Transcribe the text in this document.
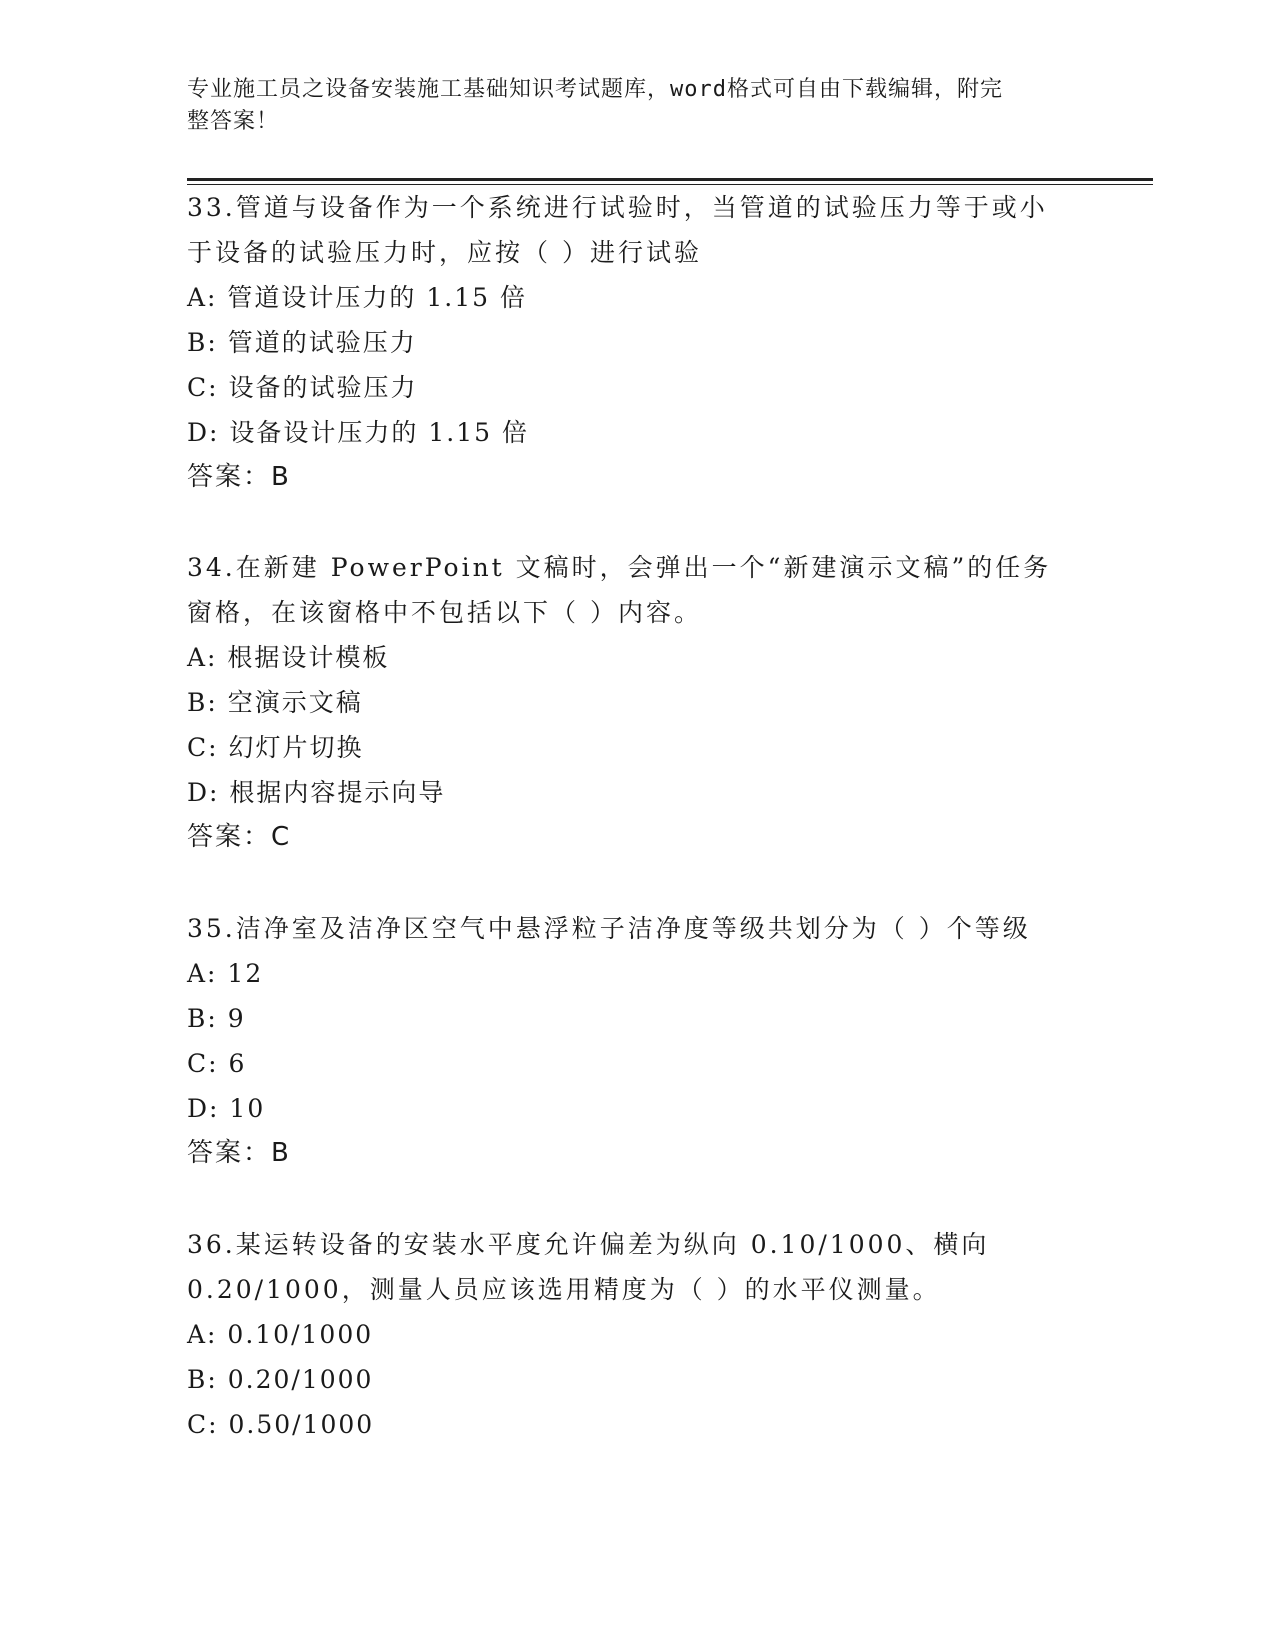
专业施工员之设备安装施工基础知识考试题库，word格式可自由下载编辑，附完
整答案！

33.管道与设备作为一个系统进行试验时，当管道的试验压力等于或小

于设备的试验压力时，应按（ ）进行试验

A: 管道设计压力的 1.15 倍

B: 管道的试验压力

C: 设备的试验压力

D: 设备设计压力的 1.15 倍

答案：B

34.在新建 PowerPoint 文稿时，会弹出一个“新建演示文稿”的任务

窗格，在该窗格中不包括以下（ ）内容。

A: 根据设计模板

B: 空演示文稿

C: 幻灯片切换

D: 根据内容提示向导

答案：C

35.洁净室及洁净区空气中悬浮粒子洁净度等级共划分为（ ）个等级

A: 12

B: 9

C: 6

D: 10

答案：B

36.某运转设备的安装水平度允许偏差为纵向 0.10/1000、横向

0.20/1000，测量人员应该选用精度为（ ）的水平仪测量。

A: 0.10/1000

B: 0.20/1000

C: 0.50/1000
